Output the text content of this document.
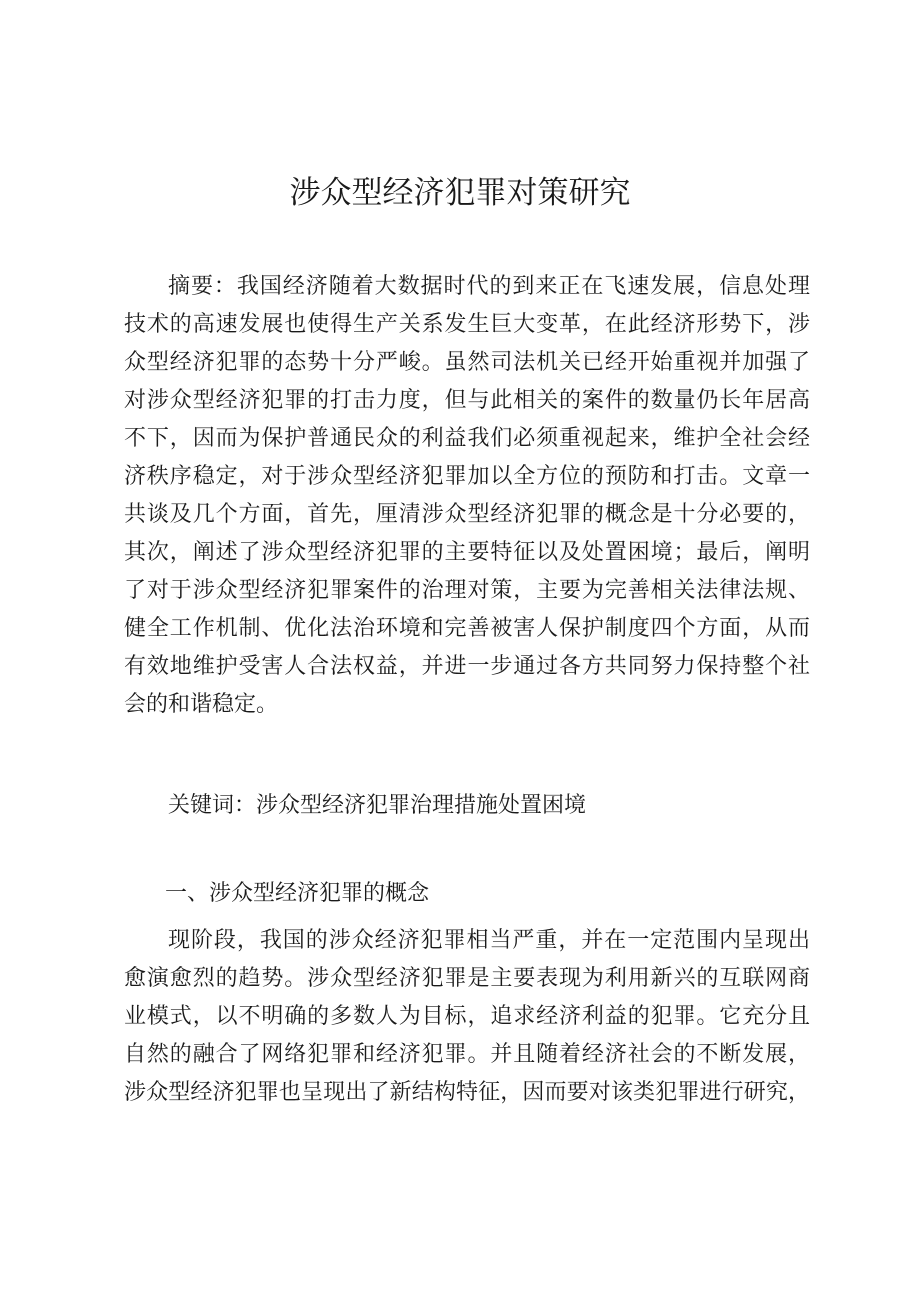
涉众型经济犯罪对策研究
摘要：我国经济随着大数据时代的到来正在飞速发展，信息处理
技术的高速发展也使得生产关系发生巨大变革，在此经济形势下，涉
众型经济犯罪的态势十分严峻。虽然司法机关已经开始重视并加强了
对涉众型经济犯罪的打击力度，但与此相关的案件的数量仍长年居高
不下，因而为保护普通民众的利益我们必须重视起来，维护全社会经
济秩序稳定，对于涉众型经济犯罪加以全方位的预防和打击。文章一
共谈及几个方面，首先，厘清涉众型经济犯罪的概念是十分必要的，
其次，阐述了涉众型经济犯罪的主要特征以及处置困境；最后，阐明
了对于涉众型经济犯罪案件的治理对策，主要为完善相关法律法规、
健全工作机制、优化法治环境和完善被害人保护制度四个方面，从而
有效地维护受害人合法权益，并进一步通过各方共同努力保持整个社
会的和谐稳定。
关键词：涉众型经济犯罪治理措施处置困境
一、涉众型经济犯罪的概念
现阶段，我国的涉众经济犯罪相当严重，并在一定范围内呈现出
愈演愈烈的趋势。涉众型经济犯罪是主要表现为利用新兴的互联网商
业模式，以不明确的多数人为目标，追求经济利益的犯罪。它充分且
自然的融合了网络犯罪和经济犯罪。并且随着经济社会的不断发展，
涉众型经济犯罪也呈现出了新结构特征，因而要对该类犯罪进行研究，
